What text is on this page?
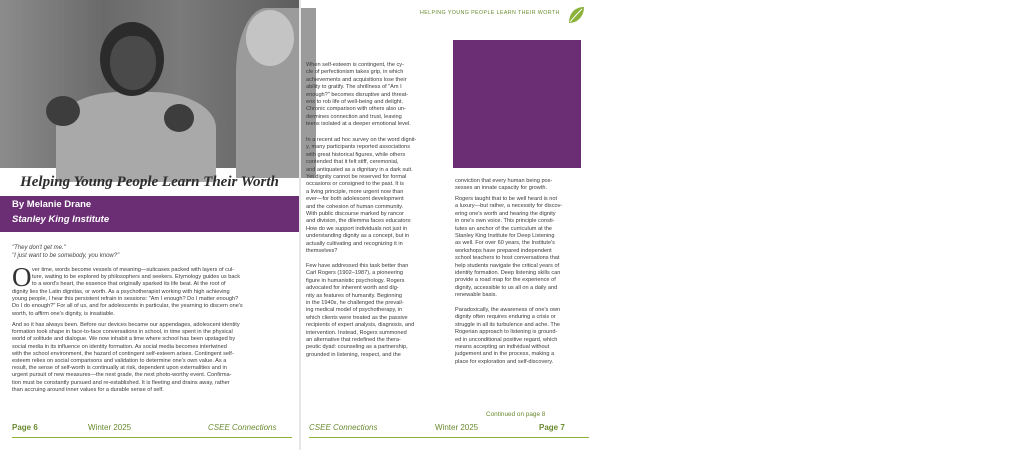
Helping Young People Learn Their Worth
By Melanie Drane
Stanley King Institute
"They don't get me."
"I just want to be somebody, you know?"
O ver time, words become vessels of meaning—suitcases packed with layers of cul-
ture, waiting to be explored by philosophers and seekers. Etymology guides us back
to a word's heart, the essence that originally sparked its life beat. At the root of
dignity lies the Latin dignitas, or worth. As a psychotherapist working with high achieving
young people, I hear this persistent refrain in sessions: "Am I enough? Do I matter enough?
Do I do enough?" For all of us, and for adolescents in particular, the yearning to discern one's
worth, to affirm one's dignity, is insatiable.
And so it has always been. Before our devices became our appendages, adolescent identity
formation took shape in face-to-face conversations in school, in time spent in the physical
world of solitude and dialogue. We now inhabit a time where school has been upstaged by
social media in its influence on identity formation. As social media becomes intertwined
with the school environment, the hazard of contingent self-esteem arises. Contingent self-
esteem relies on social comparisons and validation to determine one's own value. As a
result, the sense of self-worth is continually at risk, dependent upon externalities and in
urgent pursuit of new measures—the next grade, the next photo-worthy event. Confirma-
tion must be constantly pursued and re-established. It is fleeting and drains away, rather
than accruing around inner values for a durable sense of self.
Page 6	Winter 2025	CSEE Connections
When self-esteem is contingent, the cy-
cle of perfectionism takes grip, in which
achievements and acquisitions lose their
ability to gratify. The shrillness of "Am I
enough?" becomes disruptive and threat-
ens to rob life of well-being and delight.
Chronic comparison with others also un-
dermines connection and trust, leaving
teens isolated at a deeper emotional level.
In a recent ad hoc survey on the word dignit-
y, many participants reported associations
with great historical figures, while others
contended that it felt stiff, ceremonial,
and antiquated as a dignitary in a dark suit.
Yet dignity cannot be reserved for formal
occasions or consigned to the past. It is
a living principle, more urgent now than
ever—for both adolescent development
and the cohesion of human community.
With public discourse marked by rancor
and division, the dilemma faces educators:
How do we support individuals not just in
understanding dignity as a concept, but in
actually cultivating and recognizing it in
themselves?
Few have addressed this task better than
Carl Rogers (1902–1987), a pioneering
figure in humanistic psychology. Rogers
advocated for inherent worth and dig-
nity as features of humanity. Beginning
in the 1940s, he challenged the prevail-
ing medical model of psychotherapy, in
which clients were treated as the passive
recipients of expert analysis, diagnosis, and
intervention. Instead, Rogers summoned
an alternative that redefined the thera-
peutic dyad: counseling as a partnership,
grounded in listening, respect, and the
HELPING YOUNG PEOPLE LEARN THEIR WORTH
"… to be well heard
is not a luxury—but
rather, a necessity
for discovering one's
worth and hearing
the dignity in one's
own voice."
conviction that every human being pos-
sesses an innate capacity for growth.
Rogers taught that to be well heard is not
a luxury—but rather, a necessity for discov-
ering one's worth and hearing the dignity
in one's own voice. This principle consti-
tutes an anchor of the curriculum at the
Stanley King Institute for Deep Listening
as well. For over 60 years, the Institute's
workshops have prepared independent
school teachers to host conversations that
help students navigate the critical years of
identity formation. Deep listening skills can
provide a road map for the experience of
dignity, accessible to us all on a daily and
renewable basis.
Paradoxically, the awareness of one's own
dignity often requires enduring a crisis or
struggle in all its turbulence and ache. The
Rogerian approach to listening is ground-
ed in unconditional positive regard, which
means accepting an individual without
judgement and in the process, making a
place for exploration and self-discovery.
Continued on page 8
CSEE Connections	Winter 2025	Page 7
